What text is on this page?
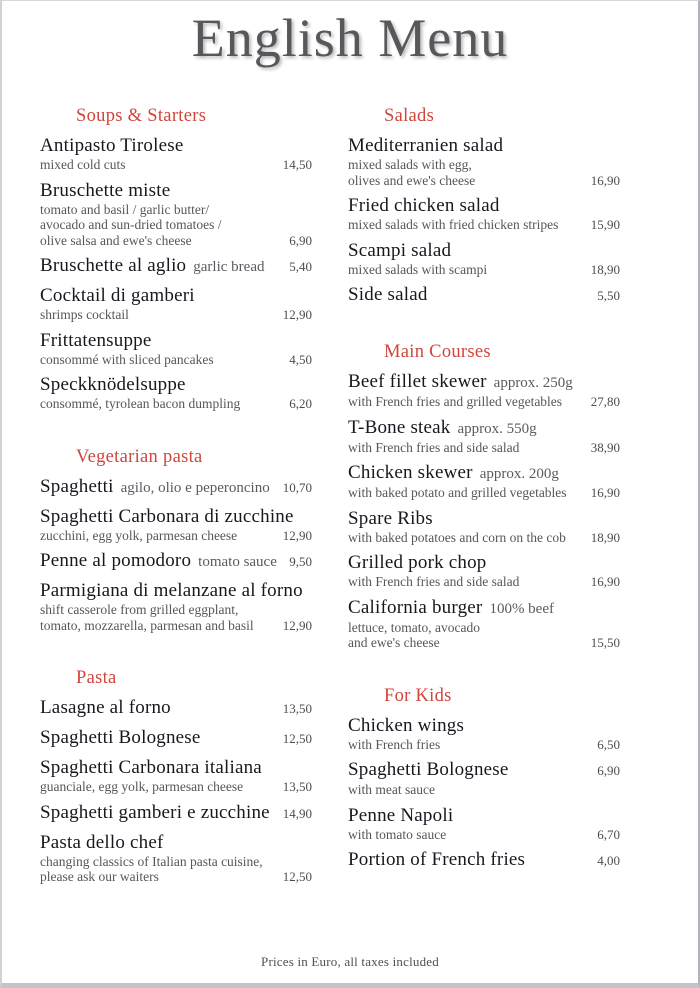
English Menu
Soups & Starters
Antipasto Tirolese
mixed cold cuts	14,50
Bruschette miste
tomato and basil / garlic butter/
avocado and sun-dried tomatoes /
olive salsa and ewe's cheese	6,90
Bruschette al aglio garlic bread	5,40
Cocktail di gamberi
shrimps cocktail	12,90
Frittatensuppe
consommé with sliced pancakes	4,50
Speckknödelsuppe
consommé, tyrolean bacon dumpling	6,20
Vegetarian pasta
Spaghetti agilo, olio e peperoncino	10,70
Spaghetti Carbonara di zucchine
zucchini, egg yolk, parmesan cheese	12,90
Penne al pomodoro tomato sauce 9,50
Parmigiana di melanzane al forno
shift casserole from grilled eggplant,
tomato, mozzarella, parmesan and basil	12,90
Pasta
Lasagne al forno	13,50
Spaghetti Bolognese	12,50
Spaghetti Carbonara italiana
guanciale, egg yolk, parmesan cheese	13,50
Spaghetti gamberi e zucchine 14,90
Pasta dello chef
changing classics of Italian pasta cuisine,
please ask our waiters	12,50
Salads
Mediterranien salad
mixed salads with egg,
olives and ewe's cheese	16,90
Fried chicken salad
mixed salads with fried chicken stripes	15,90
Scampi salad
mixed salads with scampi	18,90
Side salad	5,50
Main Courses
Beef fillet skewer approx. 250g
with French fries and grilled vegetables	27,80
T-Bone steak approx. 550g
with French fries and side salad	38,90
Chicken skewer approx. 200g
with baked potato and grilled vegetables	16,90
Spare Ribs
with baked potatoes and corn on the cob	18,90
Grilled pork chop
with French fries and side salad	16,90
California burger 100% beef
lettuce, tomato, avocado
and ewe's cheese	15,50
For Kids
Chicken wings
with French fries	6,50
Spaghetti Bolognese	6,90
with meat sauce
Penne Napoli
with tomato sauce	6,70
Portion of French fries	4,00
Prices in Euro, all taxes included
